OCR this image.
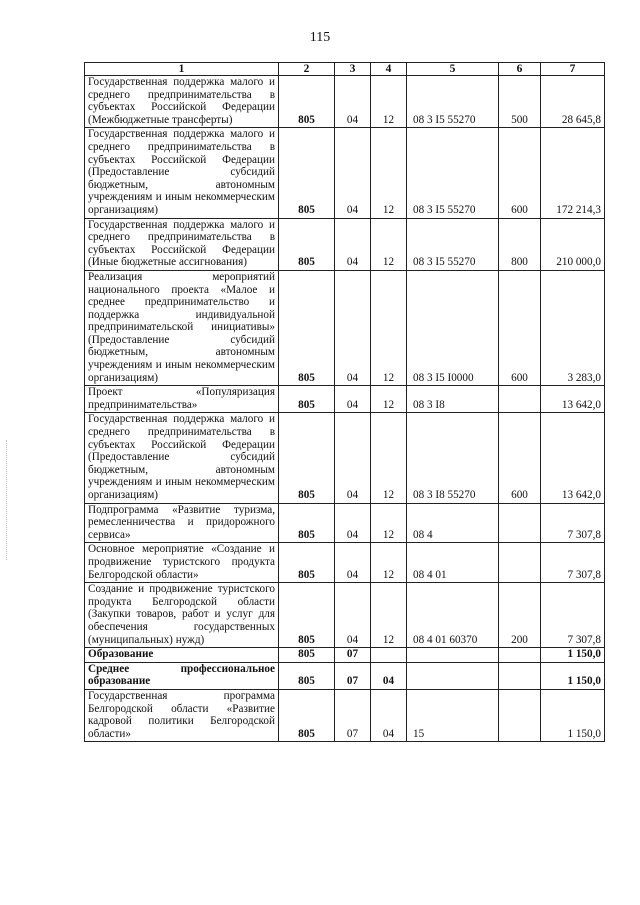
115
1	2	3	4	5	6	7
Государственная поддержка малого и среднего предпринимательства в субъектах Российской Федерации (Межбюджетные трансферты)	805	04	12	08 3 I5 55270	500	28 645,8
Государственная поддержка малого и среднего предпринимательства в субъектах Российской Федерации (Предоставление субсидий бюджетным, автономным учреждениям и иным некоммерческим организациям)	805	04	12	08 3 I5 55270	600	172 214,3
Государственная поддержка малого и среднего предпринимательства в субъектах Российской Федерации (Иные бюджетные ассигнования)	805	04	12	08 3 I5 55270	800	210 000,0
Реализация мероприятий национального проекта «Малое и среднее предпринимательство и поддержка индивидуальной предпринимательской инициативы» (Предоставление субсидий бюджетным, автономным учреждениям и иным некоммерческим организациям)	805	04	12	08 3 I5 I0000	600	3 283,0
Проект «Популяризация предпринимательства»	805	04	12	08 3 I8		13 642,0
Государственная поддержка малого и среднего предпринимательства в субъектах Российской Федерации (Предоставление субсидий бюджетным, автономным учреждениям и иным некоммерческим организациям)	805	04	12	08 3 I8 55270	600	13 642,0
Подпрограмма «Развитие туризма, ремесленничества и придорожного сервиса»	805	04	12	08 4		7 307,8
Основное мероприятие «Создание и продвижение туристского продукта Белгородской области»	805	04	12	08 4 01		7 307,8
Создание и продвижение туристского продукта Белгородской области (Закупки товаров, работ и услуг для обеспечения государственных (муниципальных) нужд)	805	04	12	08 4 01 60370	200	7 307,8
Образование	805	07				1 150,0
Среднее профессиональное образование	805	07	04			1 150,0
Государственная программа Белгородской области «Развитие кадровой политики Белгородской области»	805	07	04	15		1 150,0
